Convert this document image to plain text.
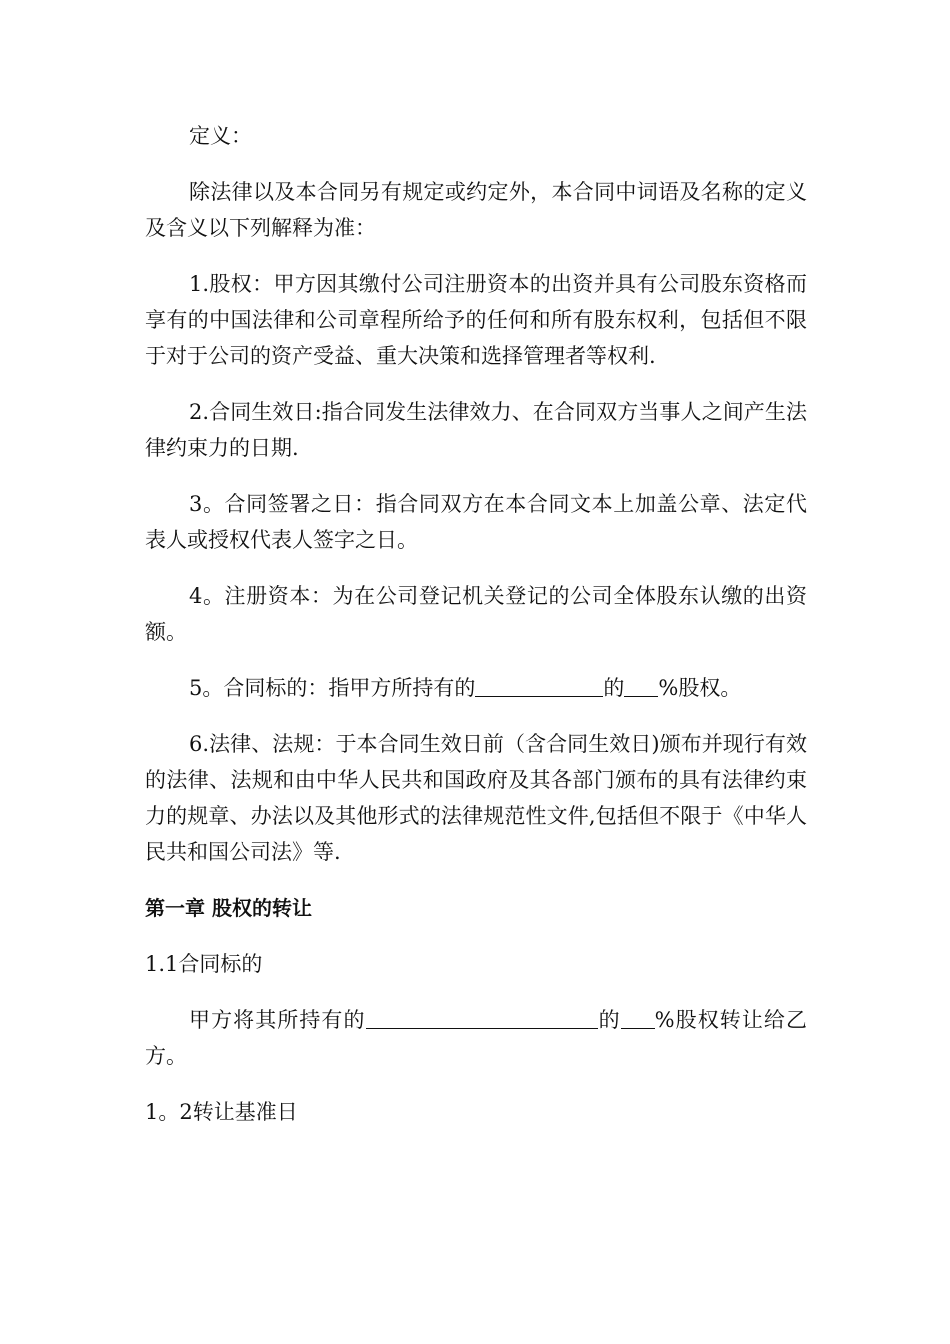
定义：

除法律以及本合同另有规定或约定外，本合同中词语及名称的定义及含义以下列解释为准：

1.股权：甲方因其缴付公司注册资本的出资并具有公司股东资格而享有的中国法律和公司章程所给予的任何和所有股东权利，包括但不限于对于公司的资产受益、重大决策和选择管理者等权利.

2.合同生效日:指合同发生法律效力、在合同双方当事人之间产生法律约束力的日期.

3。合同签署之日：指合同双方在本合同文本上加盖公章、法定代表人或授权代表人签字之日。

4。注册资本：为在公司登记机关登记的公司全体股东认缴的出资额。

5。合同标的：指甲方所持有的	的 %股权。

6.法律、法规：于本合同生效日前（含合同生效日)颁布并现行有效的法律、法规和由中华人民共和国政府及其各部门颁布的具有法律约束力的规章、办法以及其他形式的法律规范性文件,包括但不限于《中华人民共和国公司法》等.

第一章 股权的转让

1.1合同标的

甲方将其所持有的	的 %股权转让给乙方。

1。2转让基准日
